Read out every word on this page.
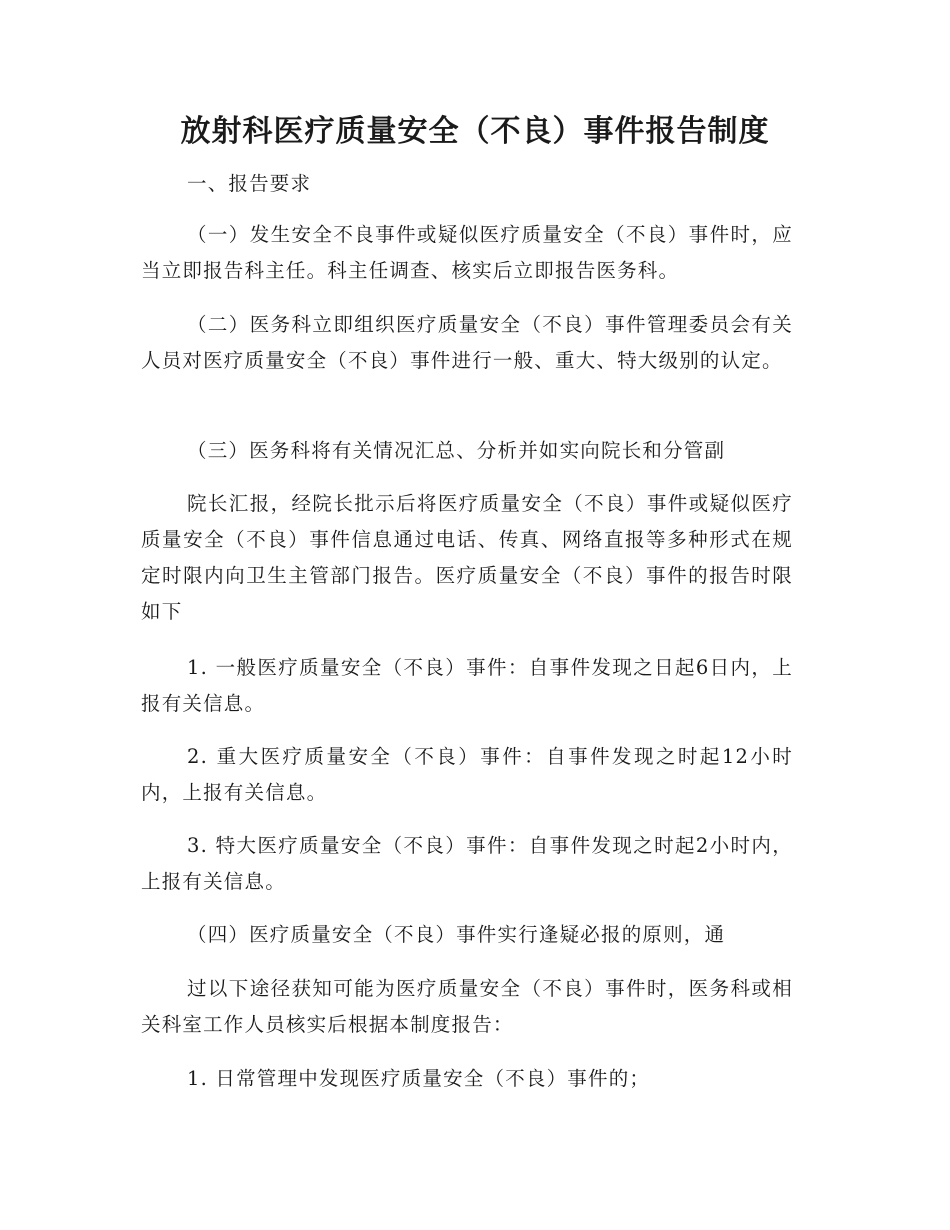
放射科医疗质量安全（不良）事件报告制度

一、报告要求

（一）发生安全不良事件或疑似医疗质量安全（不良）事件时，应当立即报告科主任。科主任调查、核实后立即报告医务科。

（二）医务科立即组织医疗质量安全（不良）事件管理委员会有关人员对医疗质量安全（不良）事件进行一般、重大、特大级别的认定。

（三）医务科将有关情况汇总、分析并如实向院长和分管副

院长汇报，经院长批示后将医疗质量安全（不良）事件或疑似医疗质量安全（不良）事件信息通过电话、传真、网络直报等多种形式在规定时限内向卫生主管部门报告。医疗质量安全（不良）事件的报告时限如下

1. 一般医疗质量安全（不良）事件：自事件发现之日起6日内，上报有关信息。

2. 重大医疗质量安全（不良）事件：自事件发现之时起12小时内，上报有关信息。

3. 特大医疗质量安全（不良）事件：自事件发现之时起2小时内，上报有关信息。

（四）医疗质量安全（不良）事件实行逢疑必报的原则，通

过以下途径获知可能为医疗质量安全（不良）事件时，医务科或相关科室工作人员核实后根据本制度报告：

1. 日常管理中发现医疗质量安全（不良）事件的；
